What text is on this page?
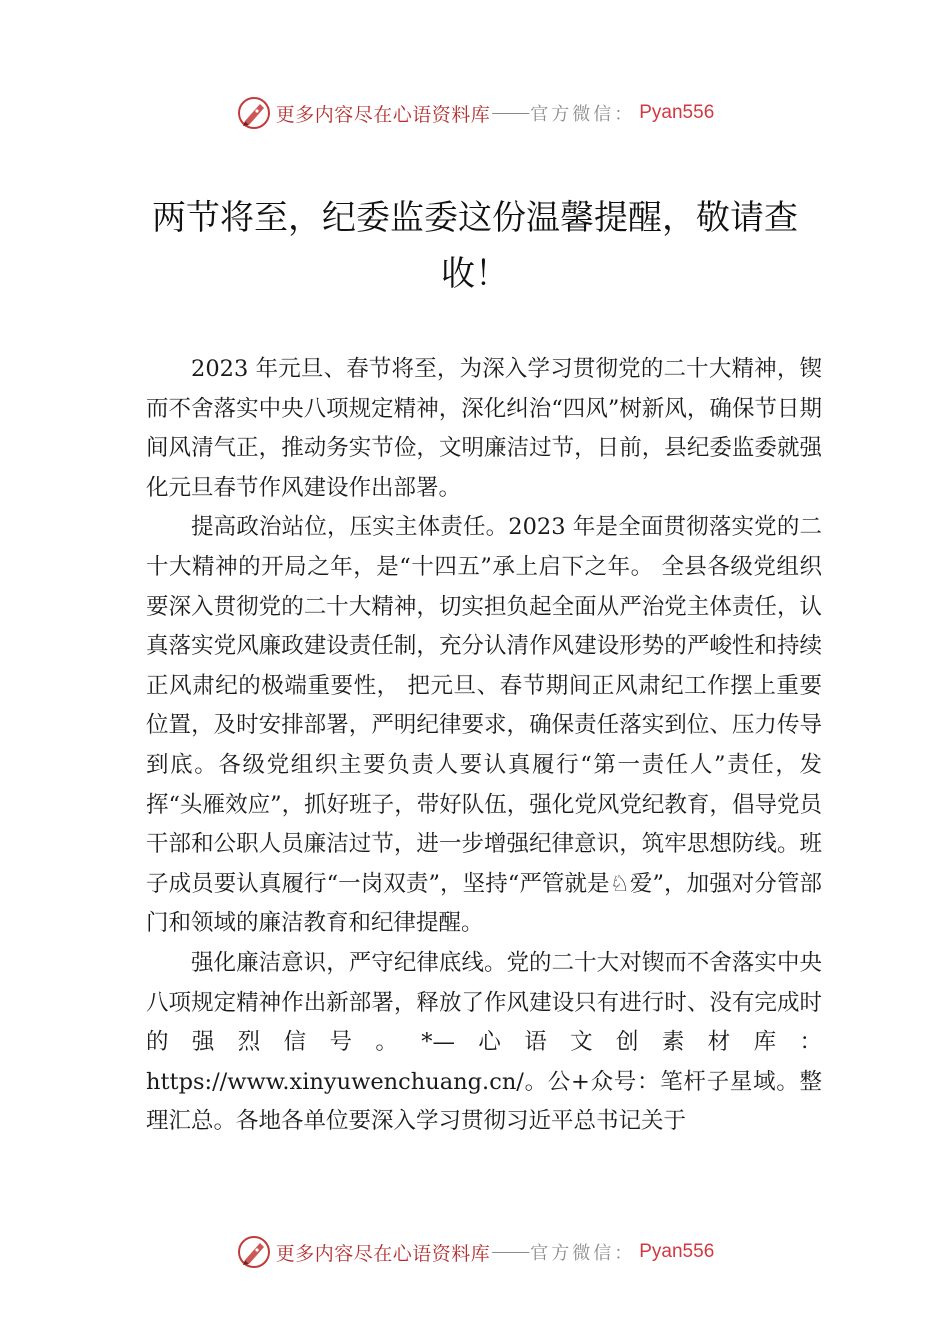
更多内容尽在心语资料库 —— 官方微信： Pyan556
两节将至，纪委监委这份温馨提醒，敬请查收！

2023 年元旦、春节将至，为深入学习贯彻党的二十大精神，锲而不舍落实中央八项规定精神，深化纠治“四风”树新风，确保节日期间风清气正，推动务实节俭，文明廉洁过节，日前，县纪委监委就强化元旦春节作风建设作出部署。

提高政治站位，压实主体责任。2023 年是全面贯彻落实党的二十大精神的开局之年，是“十四五”承上启下之年。 全县各级党组织要深入贯彻党的二十大精神，切实担负起全面从严治党主体责任，认真落实党风廉政建设责任制，充分认清作风建设形势的严峻性和持续正风肃纪的极端重要性， 把元旦、春节期间正风肃纪工作摆上重要位置，及时安排部署，严明纪律要求，确保责任落实到位、压力传导到底。各级党组织主要负责人要认真履行“第一责任人”责任，发挥“头雁效应”，抓好班子，带好队伍，强化党风党纪教育，倡导党员干部和公职人员廉洁过节，进一步增强纪律意识，筑牢思想防线。班子成员要认真履行“一岗双责”，坚持“严管就是♘爱”，加强对分管部门和领域的廉洁教育和纪律提醒。

强化廉洁意识，严守纪律底线。党的二十大对锲而不舍落实中央八项规定精神作出新部署，释放了作风建设只有进行时、没有完成时的强烈信号。*—心语文创素材库：https://www.xinyuwenchuang.cn/。公+众号：笔杆子星域。整理汇总。各地各单位要深入学习贯彻习近平总书记关于

更多内容尽在心语资料库 —— 官方微信： Pyan556
